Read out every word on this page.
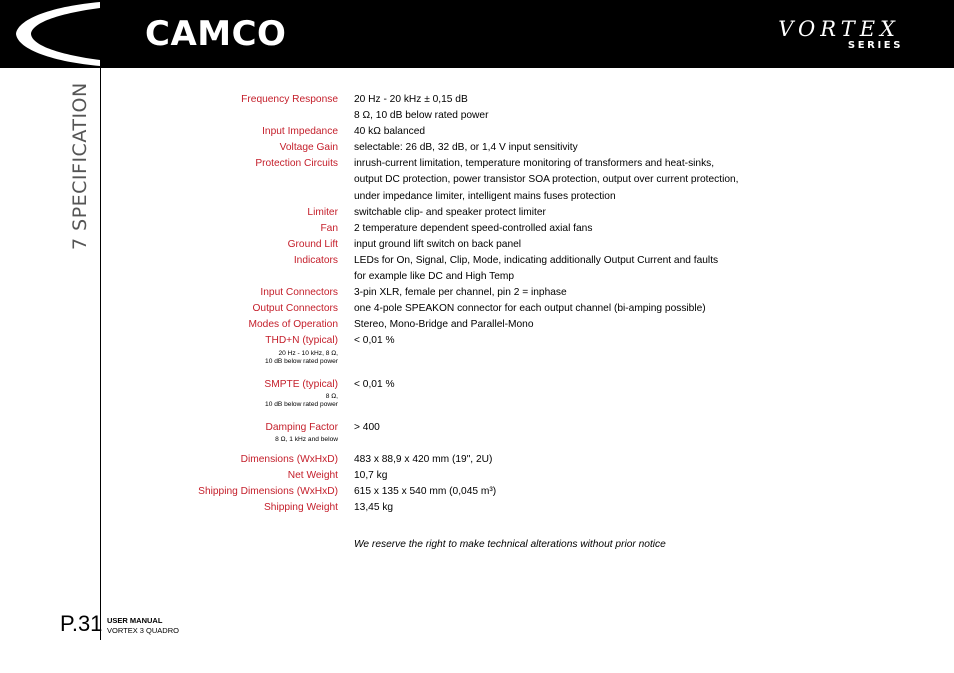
CAMCO	VORTEX
SERIES
7 SPECIFICATION	Frequency Response 20 Hz - 20 kHz ± 0,15 dB
8 Ω, 10 dB below rated power
Input Impedance 40 kΩ balanced
Voltage Gain selectable: 26 dB, 32 dB, or 1,4 V input sensitivity
Protection Circuits inrush-current limitation, temperature monitoring of transformers and heat-sinks,
output DC protection, power transistor SOA protection, output over current protection,
under impedance limiter, intelligent mains fuses protection
Limiter switchable clip- and speaker protect limiter
Fan 2 temperature dependent speed-controlled axial fans
Ground Lift input ground lift switch on back panel
Indicators LEDs for On, Signal, Clip, Mode, indicating additionally Output Current and faults
for example like DC and High Temp
Input Connectors 3-pin XLR, female per channel, pin 2 = inphase
Output Connectors one 4-pole SPEAKON connector for each output channel (bi-amping possible)
Modes of Operation Stereo, Mono-Bridge and Parallel-Mono
THD+N (typical)
20 Hz - 10 kHz, 8 Ω,
10 dB below rated power
< 0,01 %
SMPTE (typical)
8 Ω,
10 dB below rated power
< 0,01 %
Damping Factor
8 Ω, 1 kHz and below
> 400
Dimensions (WxHxD) 483 x 88,9 x 420 mm (19", 2U)
Net Weight 10,7 kg
Shipping Dimensions (WxHxD) 615 x 135 x 540 mm (0,045 m³)
Shipping Weight 13,45 kg
We reserve the right to make technical alterations without prior notice
P.31 USER MANUAL
VORTEX 3 QUADRO
